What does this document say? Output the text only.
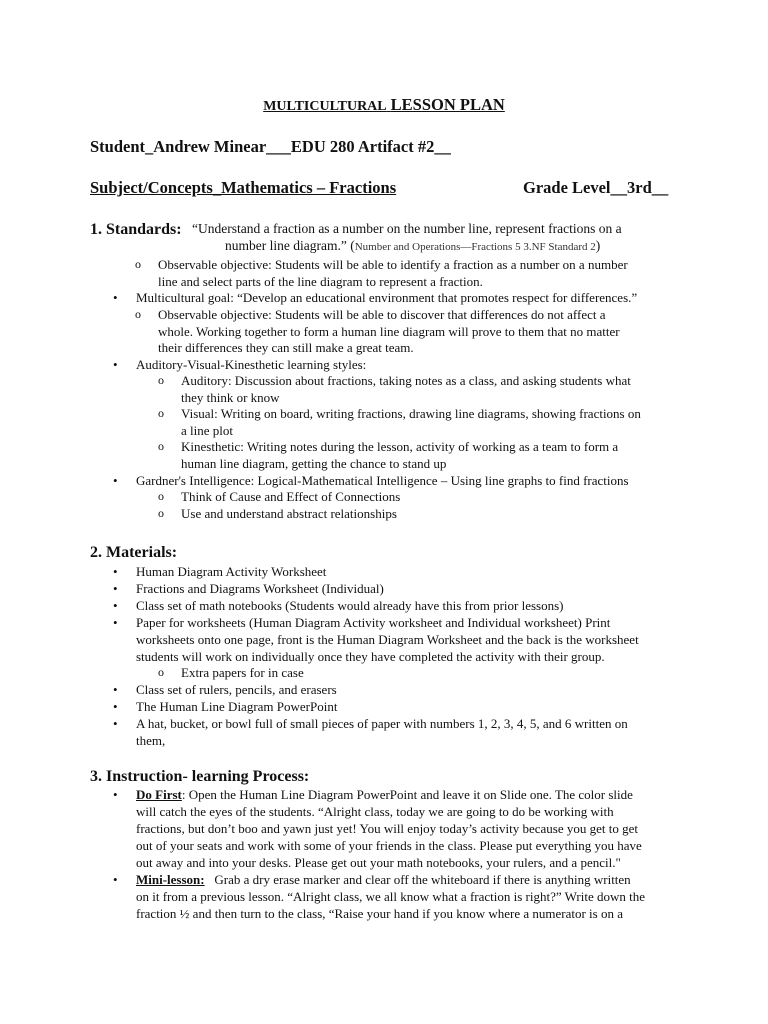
MULTICULTURAL LESSON PLAN
Student_Andrew Minear___EDU 280 Artifact #2__
Subject/Concepts_Mathematics – Fractions	Grade Level__3rd__
1. Standards: “Understand a fraction as a number on the number line, represent fractions on a
number line diagram.” (Number and Operations—Fractions 5 3.NF Standard 2)
o Observable objective: Students will be able to identify a fraction as a number on a number
line and select parts of the line diagram to represent a fraction.
• Multicultural goal: “Develop an educational environment that promotes respect for differences.”
o Observable objective: Students will be able to discover that differences do not affect a
whole. Working together to form a human line diagram will prove to them that no matter
their differences they can still make a great team.
• Auditory-Visual-Kinesthetic learning styles:
o Auditory: Discussion about fractions, taking notes as a class, and asking students what
they think or know
o Visual: Writing on board, writing fractions, drawing line diagrams, showing fractions on
a line plot
o Kinesthetic: Writing notes during the lesson, activity of working as a team to form a
human line diagram, getting the chance to stand up
• Gardner's Intelligence: Logical-Mathematical Intelligence – Using line graphs to find fractions
o Think of Cause and Effect of Connections
o Use and understand abstract relationships
2. Materials:
• Human Diagram Activity Worksheet
• Fractions and Diagrams Worksheet (Individual)
• Class set of math notebooks (Students would already have this from prior lessons)
• Paper for worksheets (Human Diagram Activity worksheet and Individual worksheet) Print
worksheets onto one page, front is the Human Diagram Worksheet and the back is the worksheet
students will work on individually once they have completed the activity with their group.
o Extra papers for in case
• Class set of rulers, pencils, and erasers
• The Human Line Diagram PowerPoint
• A hat, bucket, or bowl full of small pieces of paper with numbers 1, 2, 3, 4, 5, and 6 written on
them,
3. Instruction- learning Process:
• Do First: Open the Human Line Diagram PowerPoint and leave it on Slide one. The color slide
will catch the eyes of the students. “Alright class, today we are going to do be working with
fractions, but don’t boo and yawn just yet! You will enjoy today’s activity because you get to get
out of your seats and work with some of your friends in the class. Please put everything you have
out away and into your desks. Please get out your math notebooks, your rulers, and a pencil."
• Mini-lesson:   Grab a dry erase marker and clear off the whiteboard if there is anything written
on it from a previous lesson. “Alright class, we all know what a fraction is right?” Write down the
fraction ½ and then turn to the class, “Raise your hand if you know where a numerator is on a
